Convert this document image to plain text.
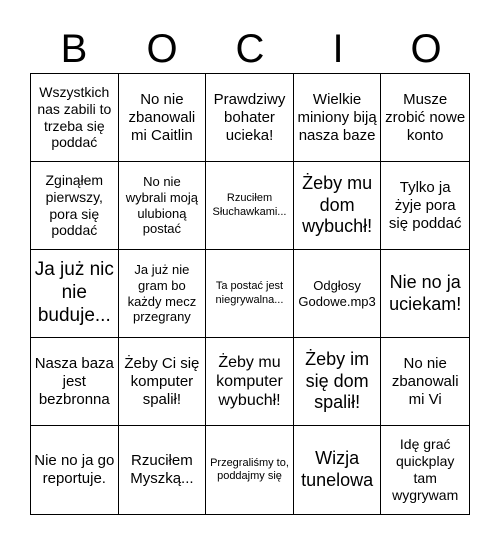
B	O	C	I	O
Wszystkich nas zabili to trzeba się poddać
No nie zbanowali mi Caitlin
Prawdziwy bohater ucieka!
Wielkie miniony biją nasza baze
Musze zrobić nowe konto
Zginąłem pierwszy, pora się poddać
No nie wybrali moją ulubioną postać
Rzuciłem Słuchawkami...
Żeby mu dom wybuchł!
Tylko ja żyje pora się poddać
Ja już nic nie buduje...
Ja już nie gram bo każdy mecz przegrany
Ta postać jest niegrywalna...
Odgłosy Godowe.mp3
Nie no ja uciekam!
Nasza baza jest bezbronna
Żeby Ci się komputer spalił!
Żeby mu komputer wybuchł!
Żeby im się dom spalił!
No nie zbanowali mi Vi
Nie no ja go reportuje.
Rzuciłem Myszką...
Przegraliśmy to, poddajmy się
Wizja tunelowa
Idę grać quickplay tam wygrywam
